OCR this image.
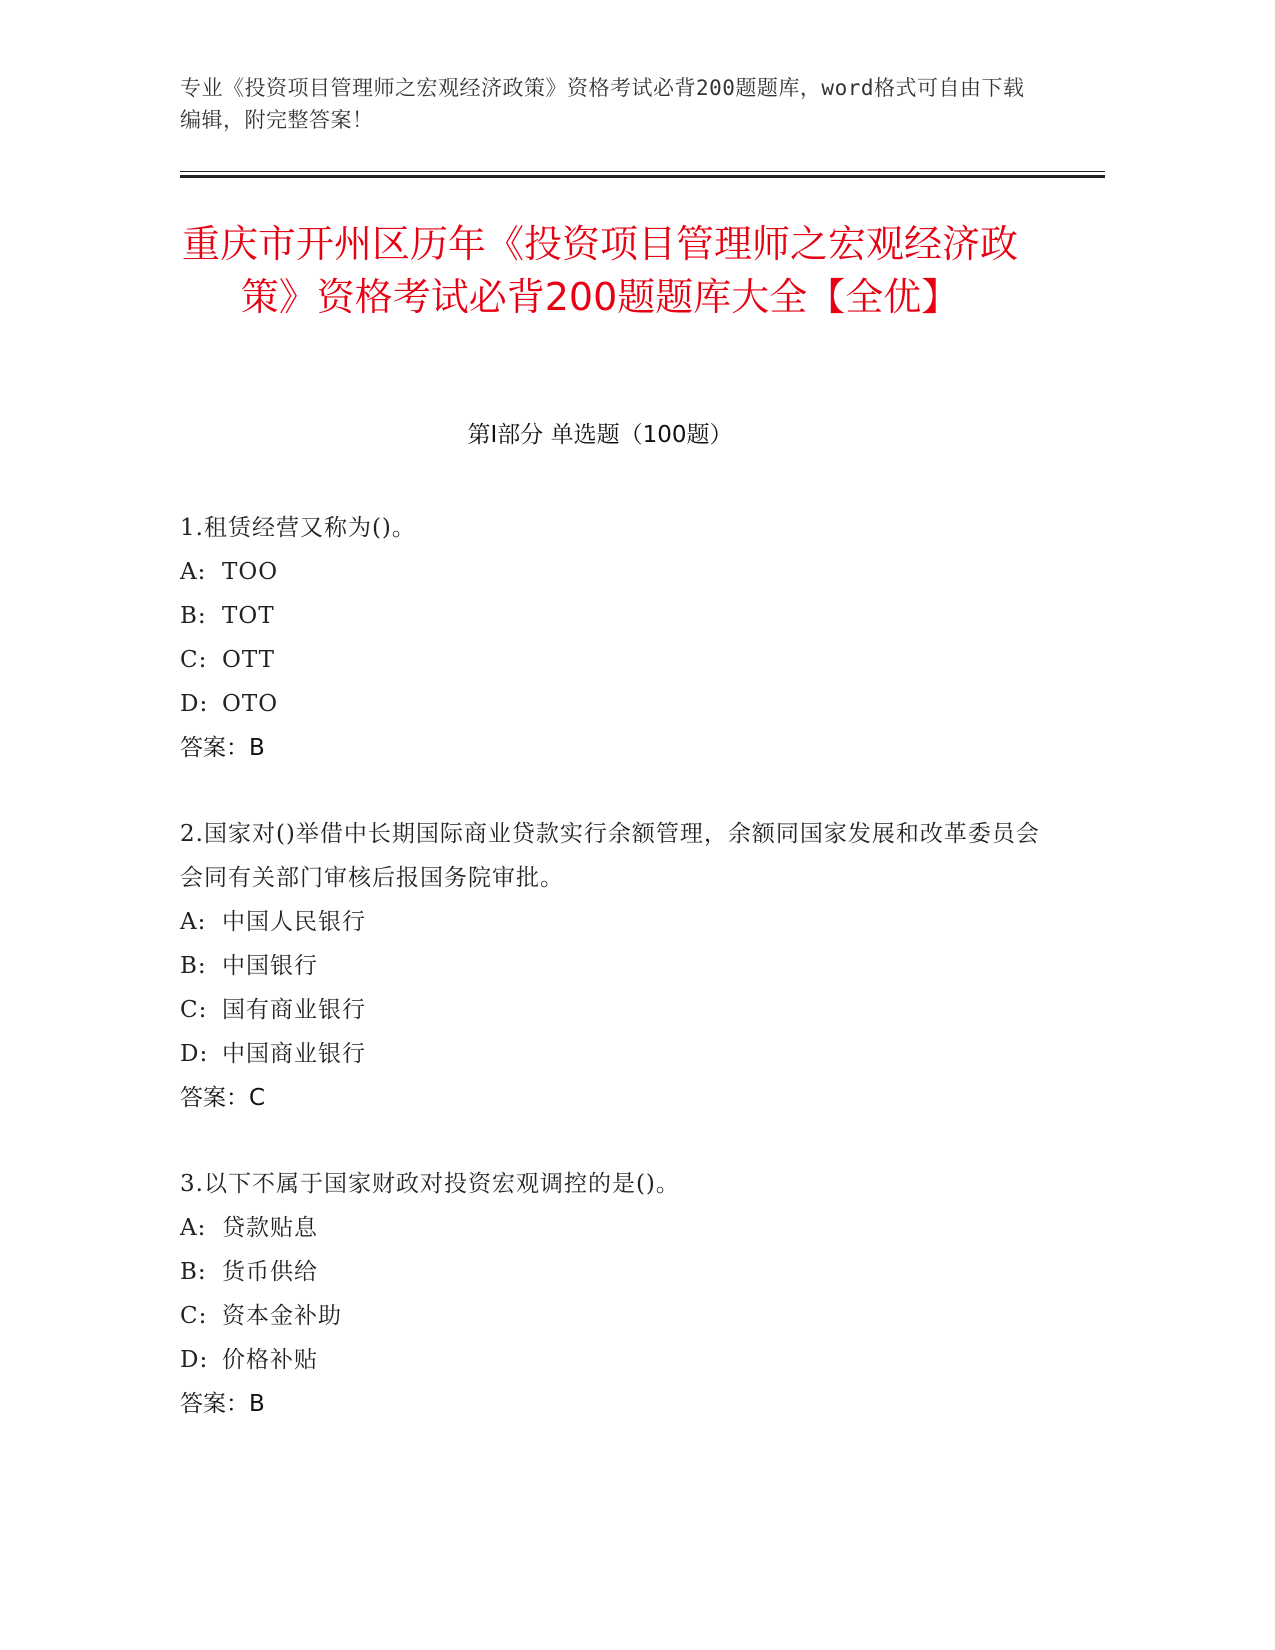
专业《投资项目管理师之宏观经济政策》资格考试必背200题题库，word格式可自由下载编辑，附完整答案！
重庆市开州区历年《投资项目管理师之宏观经济政策》资格考试必背200题题库大全【全优】
第Ⅰ部分 单选题（100题）
1.租赁经营又称为()。
A: TOO
B: TOT
C: OTT
D: OTO
答案：B
2.国家对()举借中长期国际商业贷款实行余额管理，余额同国家发展和改革委员会会同有关部门审核后报国务院审批。
A: 中国人民银行
B: 中国银行
C: 国有商业银行
D: 中国商业银行
答案：C
3.以下不属于国家财政对投资宏观调控的是()。
A: 贷款贴息
B: 货币供给
C: 资本金补助
D: 价格补贴
答案：B
